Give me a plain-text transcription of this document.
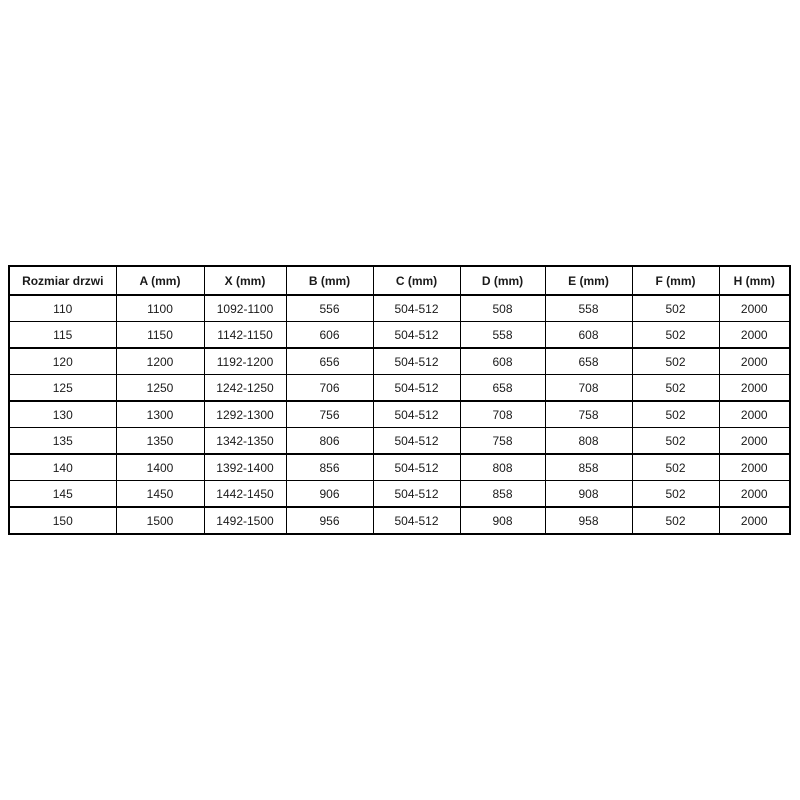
Rozmiar drzwi	A (mm)	X (mm)	B (mm)	C (mm)	D (mm)	E (mm)	F (mm)	H (mm)
110	1100	1092-1100	556	504-512	508	558	502	2000
115	1150	1142-1150	606	504-512	558	608	502	2000
120	1200	1192-1200	656	504-512	608	658	502	2000
125	1250	1242-1250	706	504-512	658	708	502	2000
130	1300	1292-1300	756	504-512	708	758	502	2000
135	1350	1342-1350	806	504-512	758	808	502	2000
140	1400	1392-1400	856	504-512	808	858	502	2000
145	1450	1442-1450	906	504-512	858	908	502	2000
150	1500	1492-1500	956	504-512	908	958	502	2000
